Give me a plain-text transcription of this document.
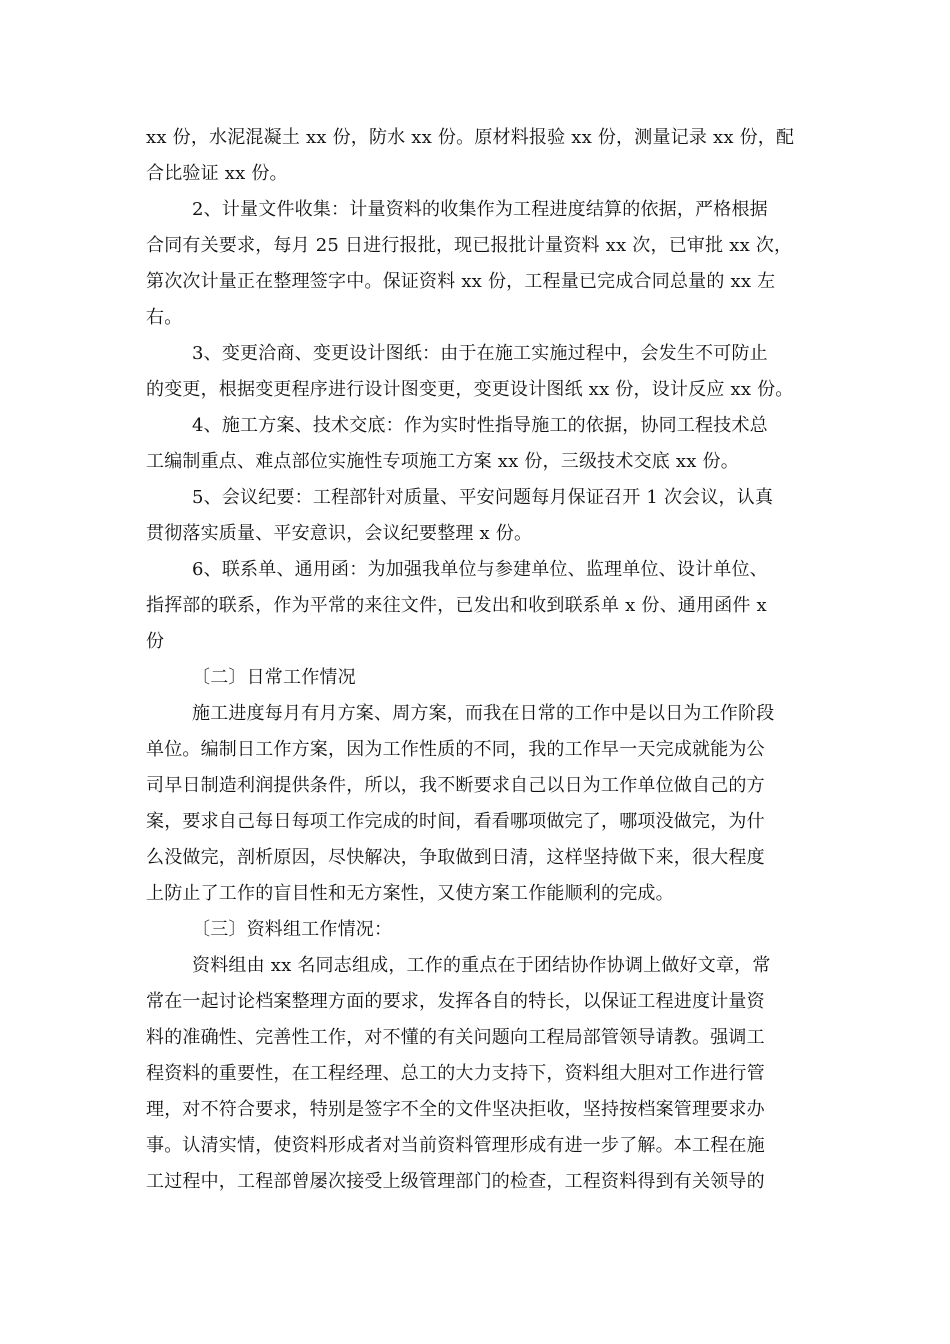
xx 份，水泥混凝土 xx 份，防水 xx 份。原材料报验 xx 份，测量记录 xx 份，配
合比验证 xx 份。
2、计量文件收集：计量资料的收集作为工程进度结算的依据，严格根据
合同有关要求，每月 25 日进行报批，现已报批计量资料 xx 次，已审批 xx 次，
第次次计量正在整理签字中。保证资料 xx 份，工程量已完成合同总量的 xx 左
右。
3、变更洽商、变更设计图纸：由于在施工实施过程中，会发生不可防止
的变更，根据变更程序进行设计图变更，变更设计图纸 xx 份，设计反应 xx 份。
4、施工方案、技术交底：作为实时性指导施工的依据，协同工程技术总
工编制重点、难点部位实施性专项施工方案 xx 份，三级技术交底 xx 份。
5、会议纪要：工程部针对质量、平安问题每月保证召开 1 次会议，认真
贯彻落实质量、平安意识，会议纪要整理 x 份。
6、联系单、通用函：为加强我单位与参建单位、监理单位、设计单位、
指挥部的联系，作为平常的来往文件，已发出和收到联系单 x 份、通用函件 x
份
〔二〕日常工作情况
施工进度每月有月方案、周方案，而我在日常的工作中是以日为工作阶段
单位。编制日工作方案，因为工作性质的不同，我的工作早一天完成就能为公
司早日制造利润提供条件，所以，我不断要求自己以日为工作单位做自己的方
案，要求自己每日每项工作完成的时间，看看哪项做完了，哪项没做完，为什
么没做完，剖析原因，尽快解决，争取做到日清，这样坚持做下来，很大程度
上防止了工作的盲目性和无方案性，又使方案工作能顺利的完成。
〔三〕资料组工作情况：
资料组由 xx 名同志组成，工作的重点在于团结协作协调上做好文章，常
常在一起讨论档案整理方面的要求，发挥各自的特长，以保证工程进度计量资
料的准确性、完善性工作，对不懂的有关问题向工程局部管领导请教。强调工
程资料的重要性，在工程经理、总工的大力支持下，资料组大胆对工作进行管
理，对不符合要求，特别是签字不全的文件坚决拒收，坚持按档案管理要求办
事。认清实情，使资料形成者对当前资料管理形成有进一步了解。本工程在施
工过程中，工程部曾屡次接受上级管理部门的检查，工程资料得到有关领导的
